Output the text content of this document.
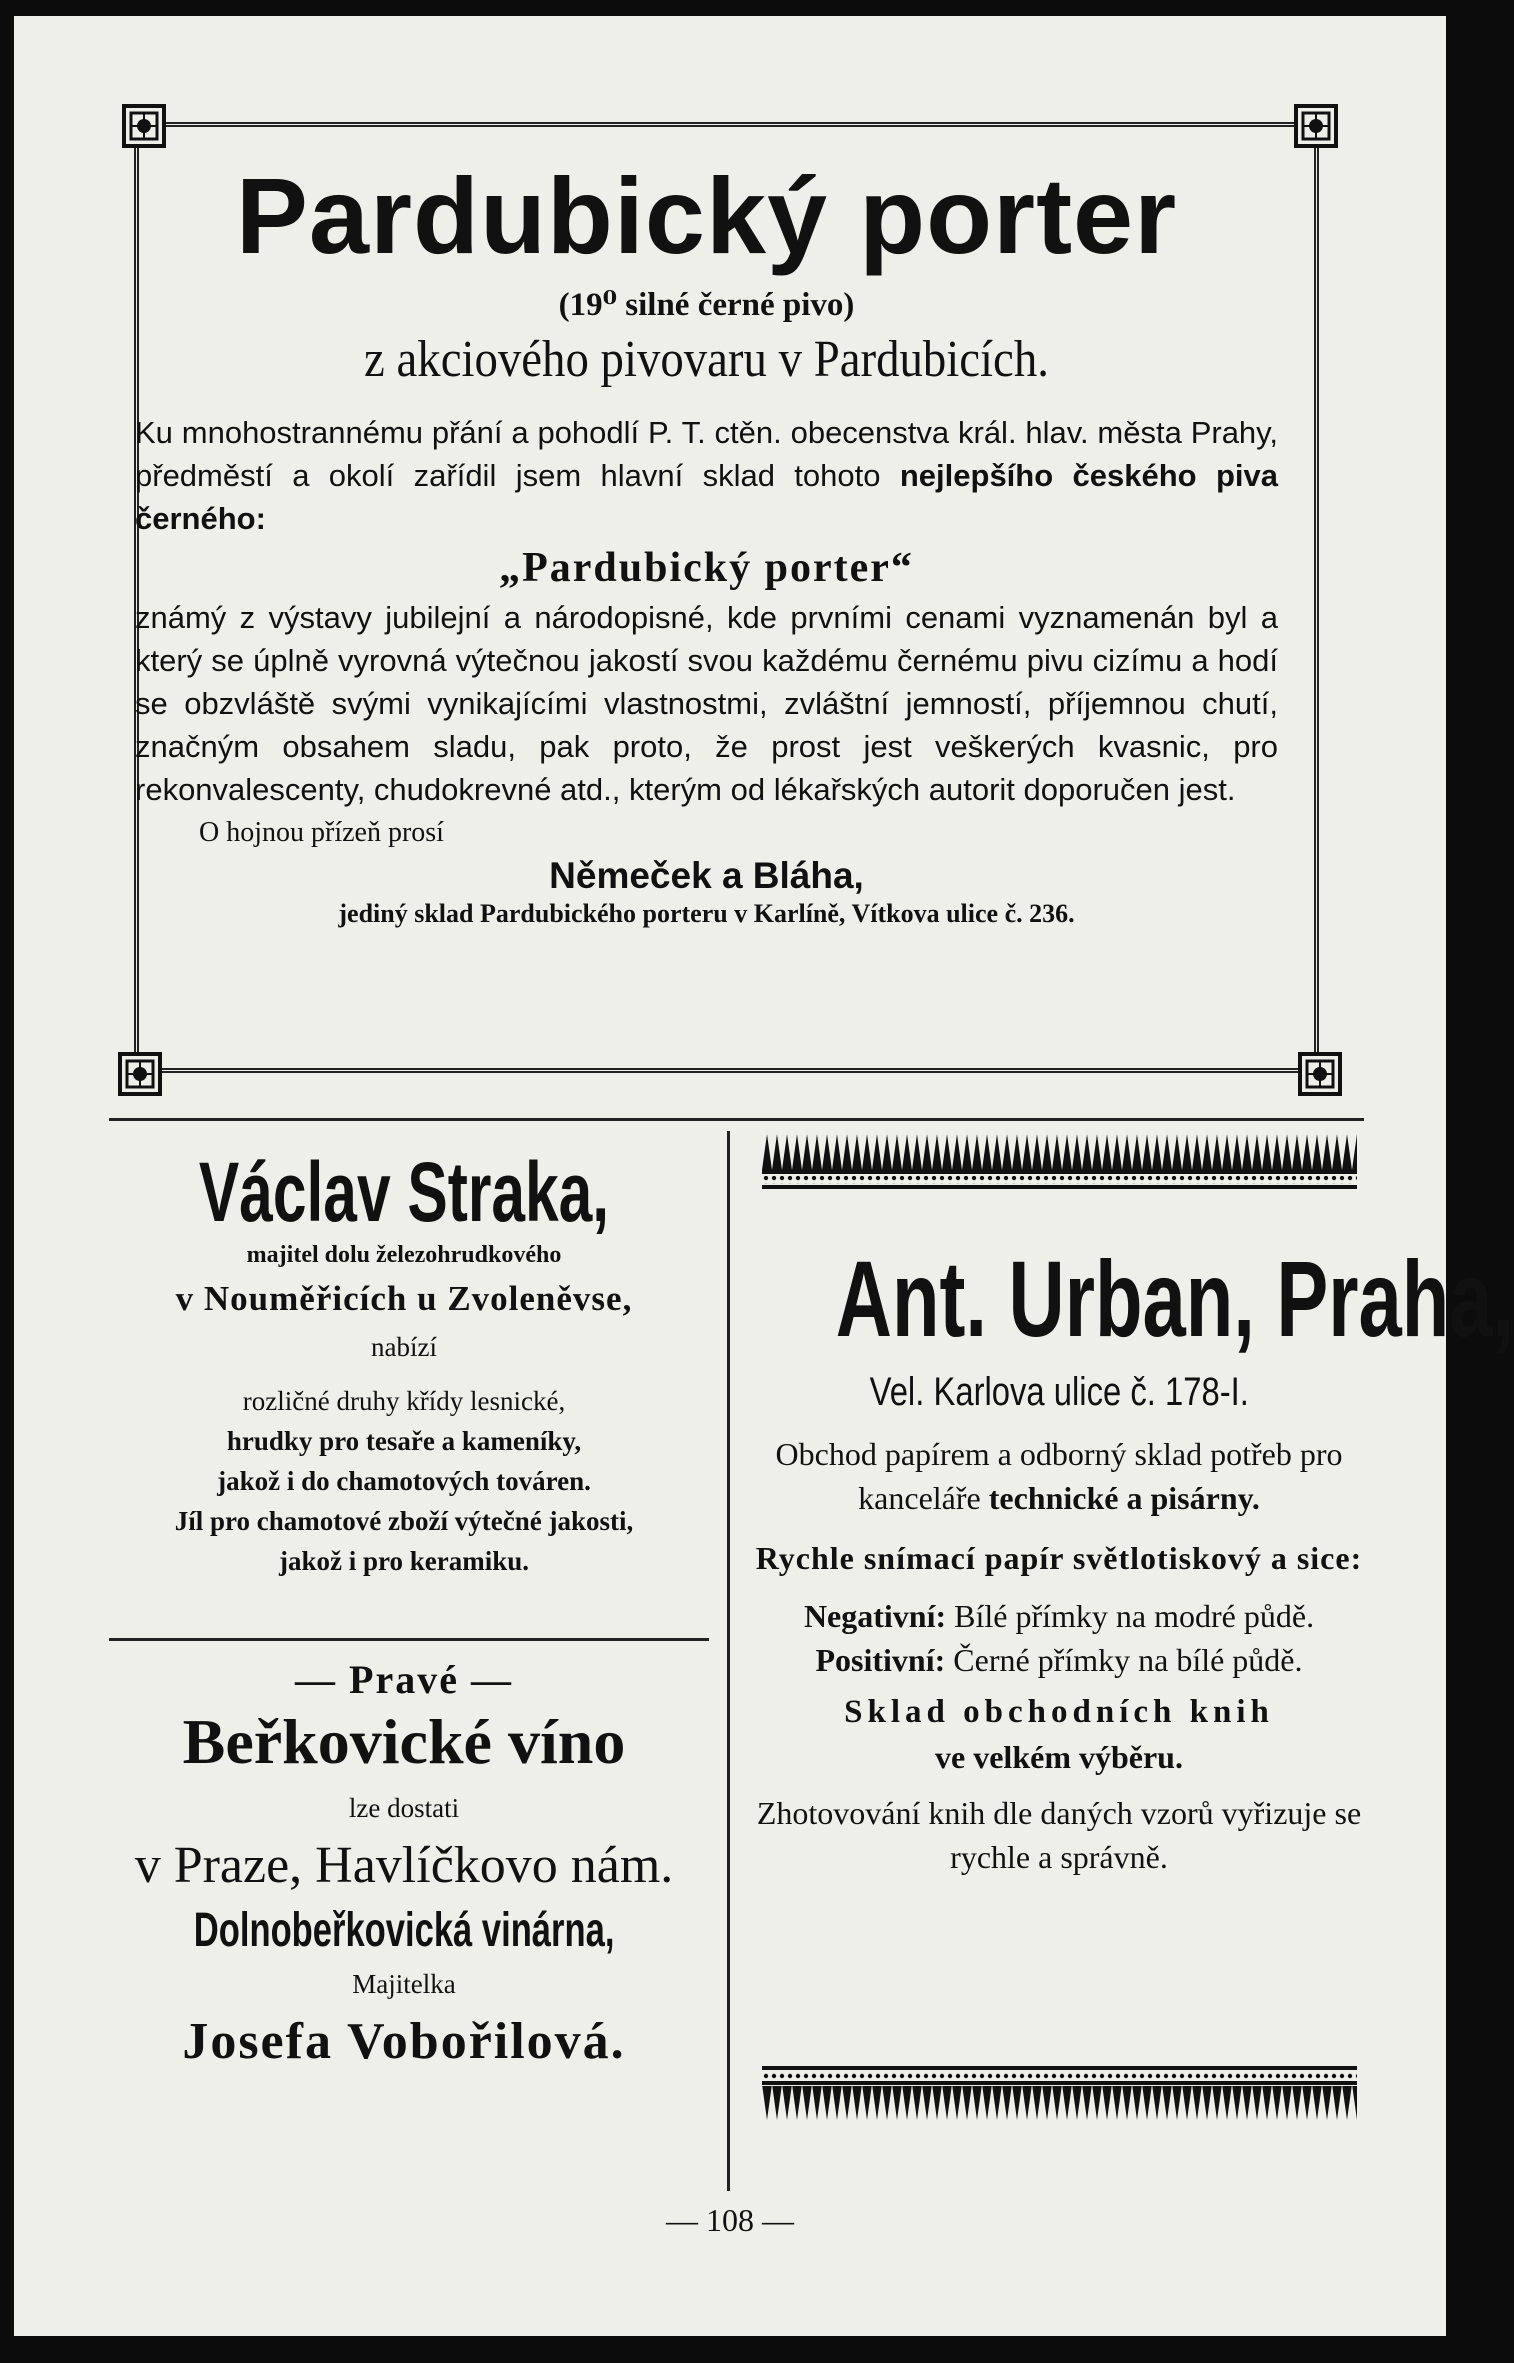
Pardubický porter
(19⁰ silné černé pivo)
z akciového pivovaru v Pardubicích.
Ku mnohostrannému přání a pohodlí P. T. ctěn. obecenstva král. hlav. města Prahy, předměstí a okolí zařídil jsem hlavní sklad tohoto nejlepšího českého piva černého:
„Pardubický porter“
známý z výstavy jubilejní a národopisné, kde prvními cenami vyznamenán byl a který se úplně vyrovná výtečnou jakostí svou každému černému pivu cizímu a hodí se obzvláště svými vynikajícími vlastnostmi, zvláštní jemností, příjemnou chutí, značným obsahem sladu, pak proto, že prost jest veškerých kvasnic, pro rekonvalescenty, chudokrevné atd., kterým od lékařských autorit doporučen jest.
O hojnou přízeň prosí
Němeček a Bláha,
jediný sklad Pardubického porteru v Karlíně, Vítkova ulice č. 236.
Václav Straka,
majitel dolu železohrudkového
v Nouměřicích u Zvoleněvse,
nabízí
rozličné druhy křídy lesnické,
hrudky pro tesaře a kameníky,
jakož i do chamotových továren.
Jíl pro chamotové zboží výtečné jakosti,
jakož i pro keramiku.
— Pravé —
Beřkovické víno
lze dostati
v Praze, Havlíčkovo nám.
Dolnobeřkovická vinárna,
Majitelka
Josefa Vobořilová.
Ant. Urban, Praha,
Vel. Karlova ulice č. 178-I.
Obchod papírem a odborný sklad potřeb pro kanceláře technické a pisárny.
Rychle snímací papír světlotiskový a sice:
Negativní: Bílé přímky na modré půdě. Positivní: Černé přímky na bílé půdě.
Sklad obchodních knih
ve velkém výběru.
Zhotovování knih dle daných vzorů vyřizuje se rychle a správně.
— 108 —
